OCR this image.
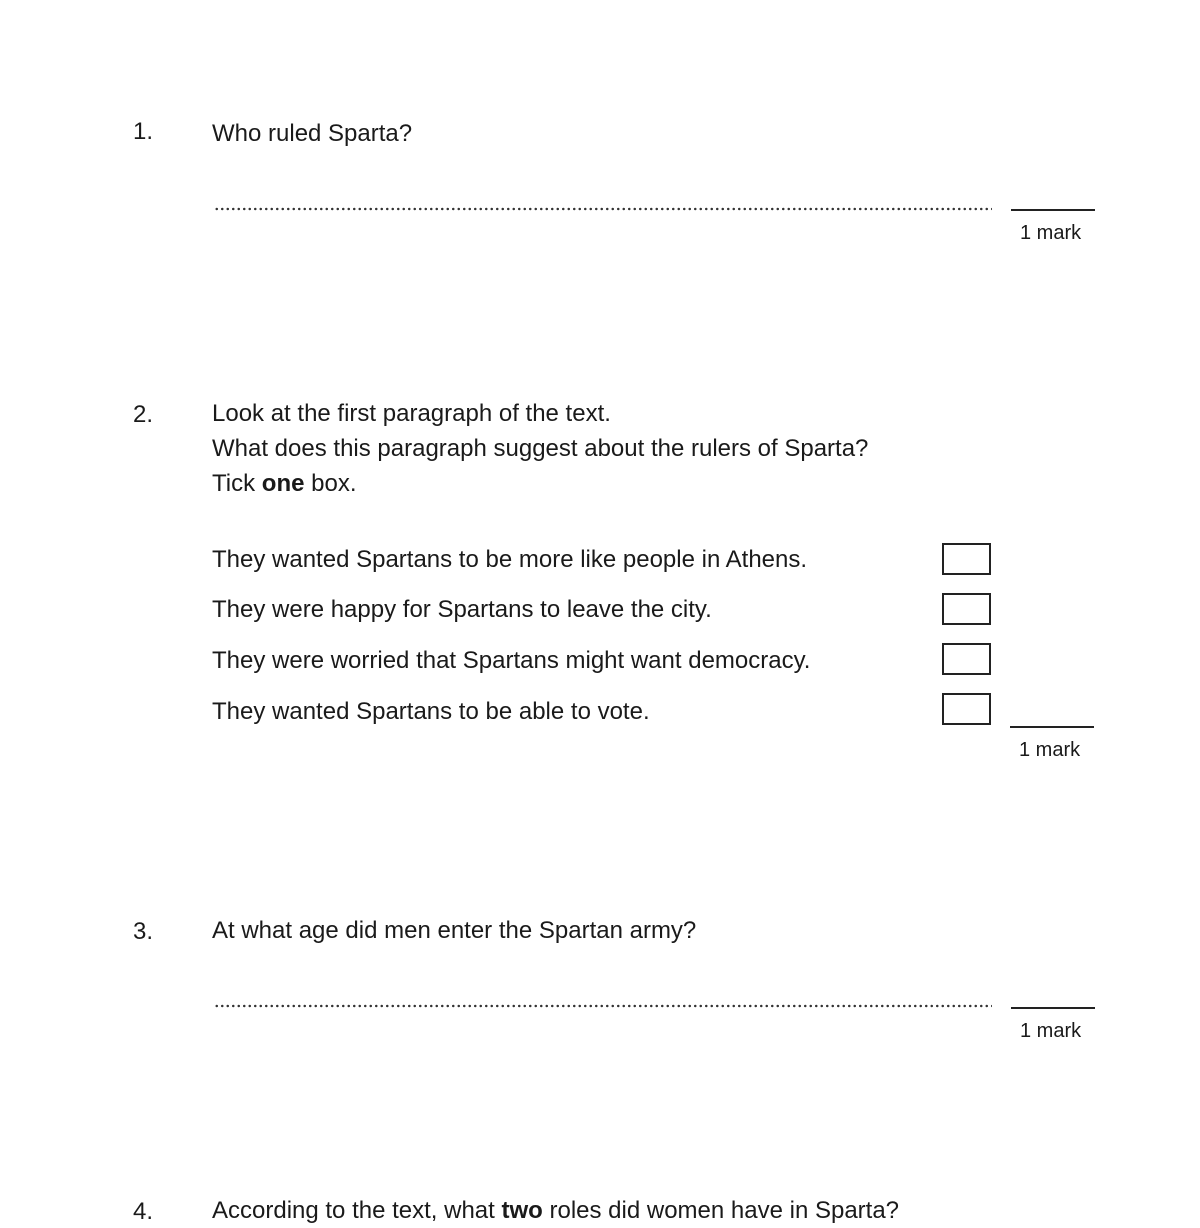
1. Who ruled Sparta?
1 mark
2. Look at the first paragraph of the text.
What does this paragraph suggest about the rulers of Sparta?
Tick one box.
They wanted Spartans to be more like people in Athens.
They were happy for Spartans to leave the city.
They were worried that Spartans might want democracy.
They wanted Spartans to be able to vote.
1 mark
3. At what age did men enter the Spartan army?
1 mark
4. According to the text, what two roles did women have in Sparta?
